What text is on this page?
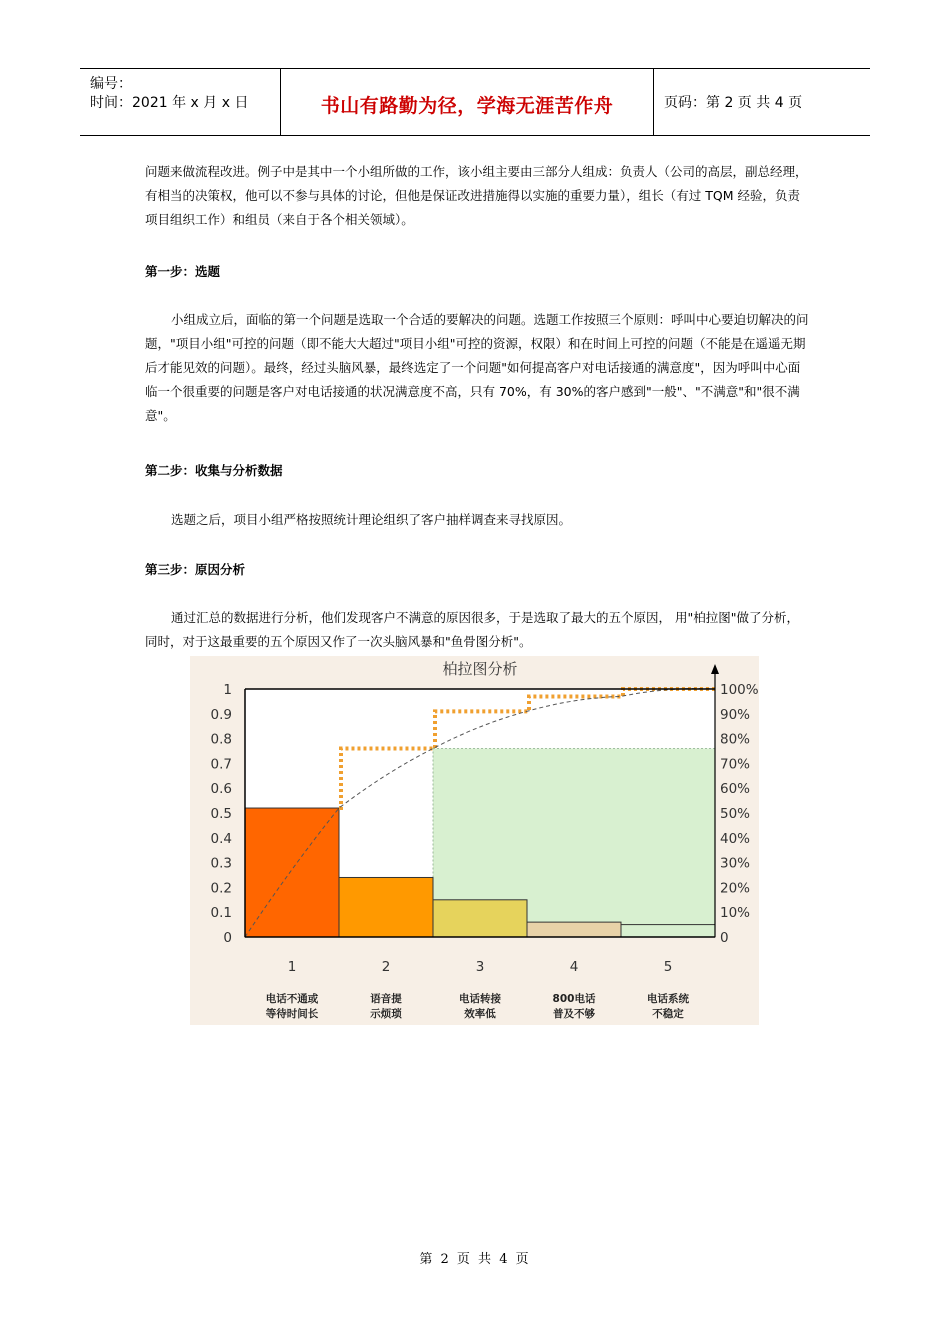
编号：
时间：2021 年 x 月 x 日	书山有路勤为径，学海无涯苦作舟	页码：第 2 页 共 4 页

问题来做流程改进。例子中是其中一个小组所做的工作，该小组主要由三部分人组成：负责人（公司的高层，副总经理，有相当的决策权，他可以不参与具体的讨论，但他是保证改进措施得以实施的重要力量），组长（有过 TQM 经验，负责项目组织工作）和组员（来自于各个相关领域）。

第一步：选题

小组成立后，面临的第一个问题是选取一个合适的要解决的问题。选题工作按照三个原则：呼叫中心要迫切解决的问题，"项目小组"可控的问题（即不能大大超过"项目小组"可控的资源，权限）和在时间上可控的问题（不能是在遥遥无期后才能见效的问题）。最终，经过头脑风暴，最终选定了一个问题"如何提高客户对电话接通的满意度"，因为呼叫中心面临一个很重要的问题是客户对电话接通的状况满意度不高，只有 70%，有 30%的客户感到"一般"、"不满意"和"很不满意"。

第二步：收集与分析数据

选题之后，项目小组严格按照统计理论组织了客户抽样调查来寻找原因。

第三步：原因分析

通过汇总的数据进行分析，他们发现客户不满意的原因很多，于是选取了最大的五个原因， 用"柏拉图"做了分析，同时，对于这最重要的五个原因又作了一次头脑风暴和"鱼骨图分析"。

柏拉图分析
0
0.1
0.2
0.3
0.4
0.5
0.6
0.7
0.8
0.9
1
0
10%
20%
30%
40%
50%
60%
70%
80%
90%
100%
1
电话不通或
等待时间长
2
语音提
示烦琐
3
电话转接
效率低
4
800电话
普及不够
5
电话系统
不稳定
第 2 页 共 4 页
